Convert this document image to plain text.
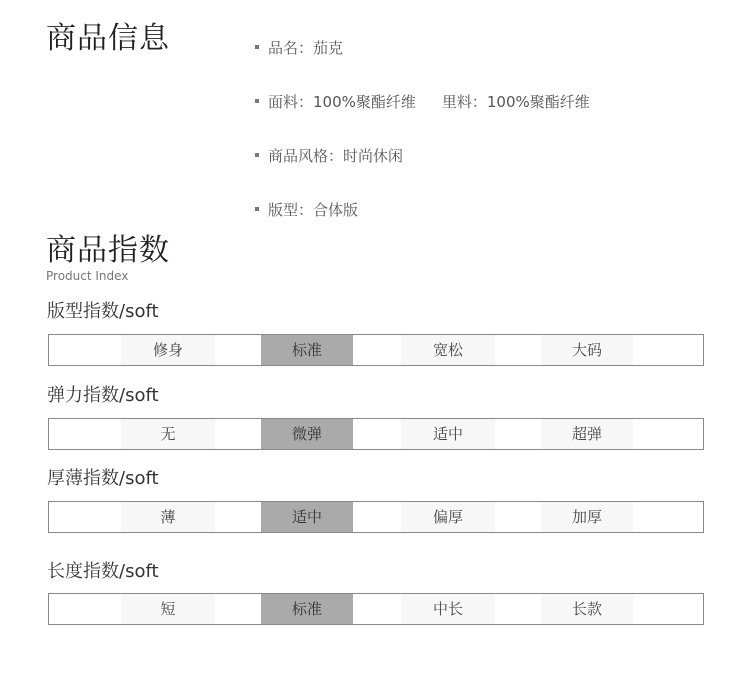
商品信息	品名：茄克
面料：100%聚酯纤维 里料：100%聚酯纤维
商品风格：时尚休闲
版型：合体版
商品指数
Product Index
版型指数/soft
修身	标准	宽松	大码
弹力指数/soft
无	微弹	适中	超弹
厚薄指数/soft
薄	适中	偏厚	加厚
长度指数/soft
短	标准	中长	长款
